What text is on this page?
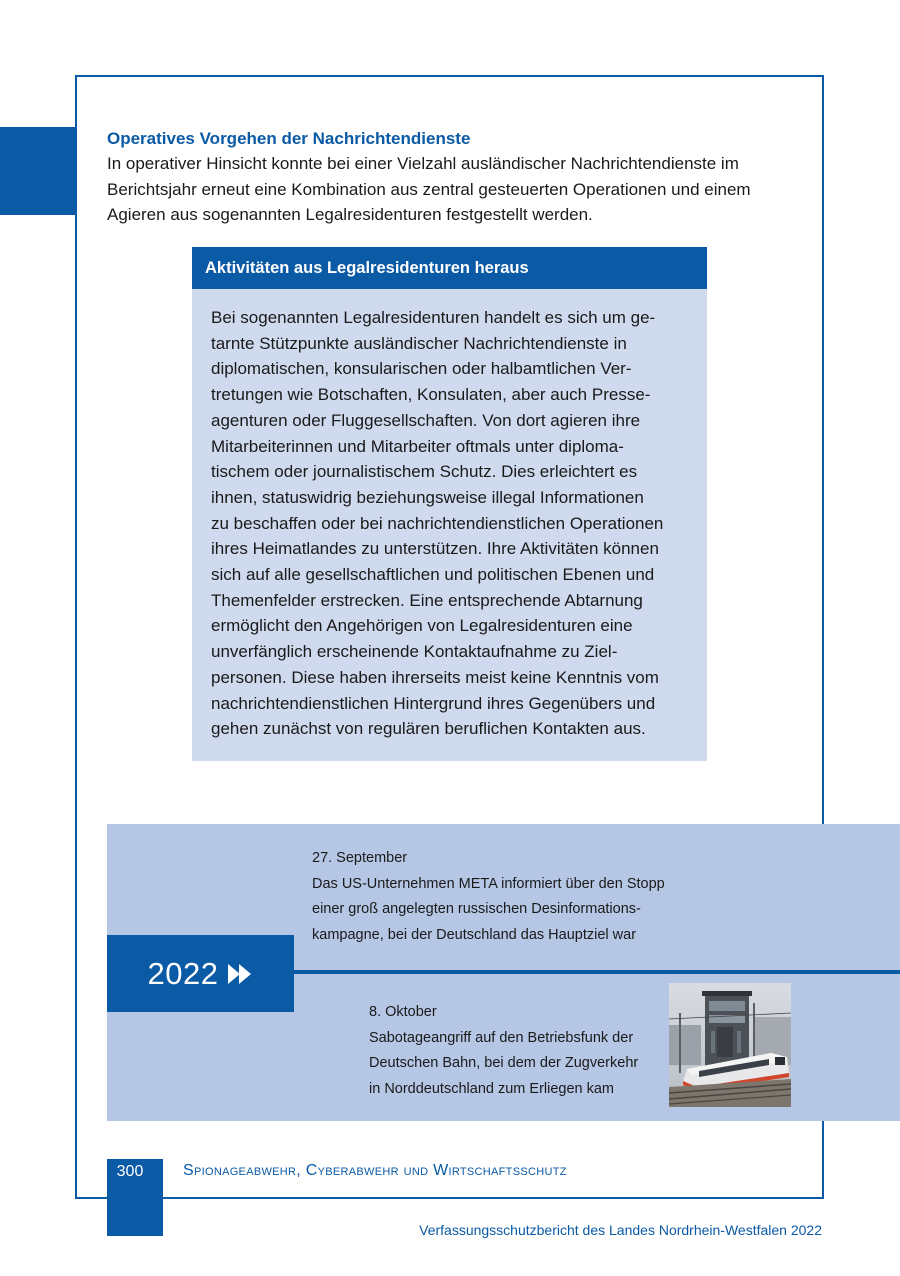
Operatives Vorgehen der Nachrichtendienste
In operativer Hinsicht konnte bei einer Vielzahl ausländischer Nachrichtendienste im
Berichtsjahr erneut eine Kombination aus zentral gesteuerten Operationen und einem
Agieren aus sogenannten Legalresidenturen festgestellt werden.
Aktivitäten aus Legalresidenturen heraus
Bei sogenannten Legalresidenturen handelt es sich um ge-
tarnte Stützpunkte ausländischer Nachrichtendienste in
diplomatischen, konsularischen oder halbamtlichen Ver-
tretungen wie Botschaften, Konsulaten, aber auch Presse-
agenturen oder Fluggesellschaften. Von dort agieren ihre
Mitarbeiterinnen und Mitarbeiter oftmals unter diploma-
tischem oder journalistischem Schutz. Dies erleichtert es
ihnen, statuswidrig beziehungsweise illegal Informationen
zu beschaffen oder bei nachrichtendienstlichen Operationen
ihres Heimatlandes zu unterstützen. Ihre Aktivitäten können
sich auf alle gesellschaftlichen und politischen Ebenen und
Themenfelder erstrecken. Eine entsprechende Abtarnung
ermöglicht den Angehörigen von Legalresidenturen eine
unverfänglich erscheinende Kontaktaufnahme zu Ziel-
personen. Diese haben ihrerseits meist keine Kenntnis vom
nachrichtendienstlichen Hintergrund ihres Gegenübers und
gehen zunächst von regulären beruflichen Kontakten aus.
2022
27. September
Das US-Unternehmen META informiert über den Stopp
einer groß angelegten russischen Desinformations-
kampagne, bei der Deutschland das Hauptziel war
8. Oktober
Sabotageangriff auf den Betriebsfunk der
Deutschen Bahn, bei dem der Zugverkehr
in Norddeutschland zum Erliegen kam
300	Spionageabwehr, Cyberabwehr und Wirtschaftsschutz
Verfassungsschutzbericht des Landes Nordrhein-Westfalen 2022
